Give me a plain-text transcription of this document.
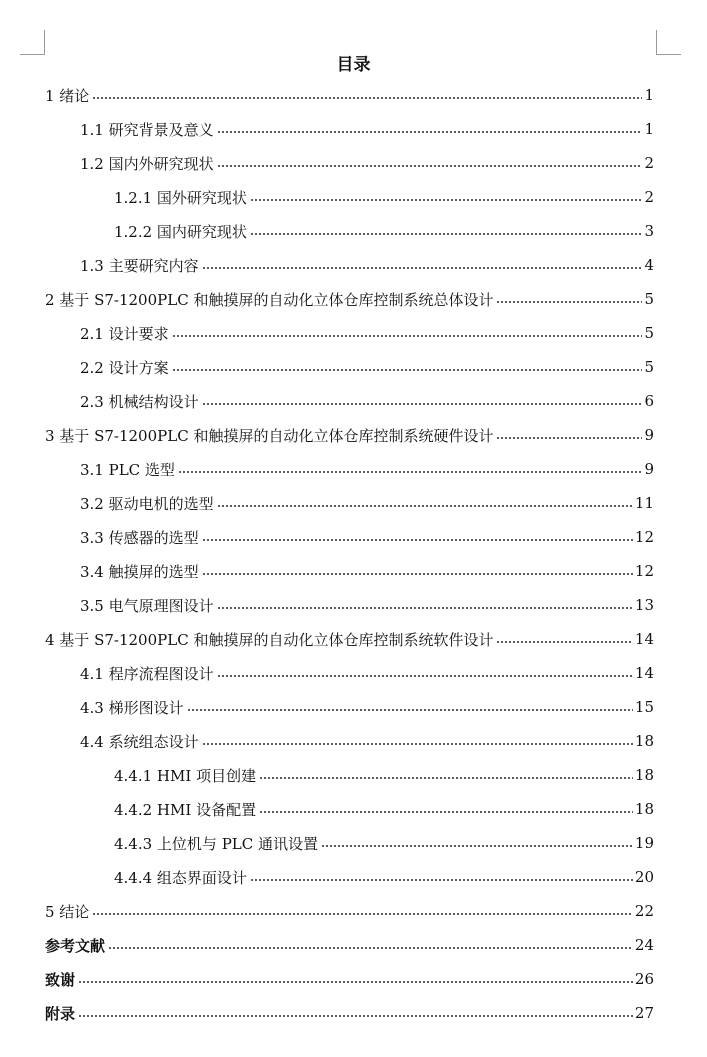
目录
1 绪论	1
1.1 研究背景及意义	1
1.2 国内外研究现状	2
1.2.1 国外研究现状	2
1.2.2 国内研究现状	3
1.3 主要研究内容	4
2 基于 S7-1200PLC 和触摸屏的自动化立体仓库控制系统总体设计	5
2.1 设计要求	5
2.2 设计方案	5
2.3 机械结构设计	6
3 基于 S7-1200PLC 和触摸屏的自动化立体仓库控制系统硬件设计	9
3.1 PLC 选型	9
3.2 驱动电机的选型	11
3.3 传感器的选型	12
3.4 触摸屏的选型	12
3.5 电气原理图设计	13
4 基于 S7-1200PLC 和触摸屏的自动化立体仓库控制系统软件设计	14
4.1 程序流程图设计	14
4.3 梯形图设计	15
4.4 系统组态设计	18
4.4.1 HMI 项目创建	18
4.4.2 HMI 设备配置	18
4.4.3 上位机与 PLC 通讯设置	19
4.4.4 组态界面设计	20
5 结论	22
参考文献	24
致谢	26
附录	27
